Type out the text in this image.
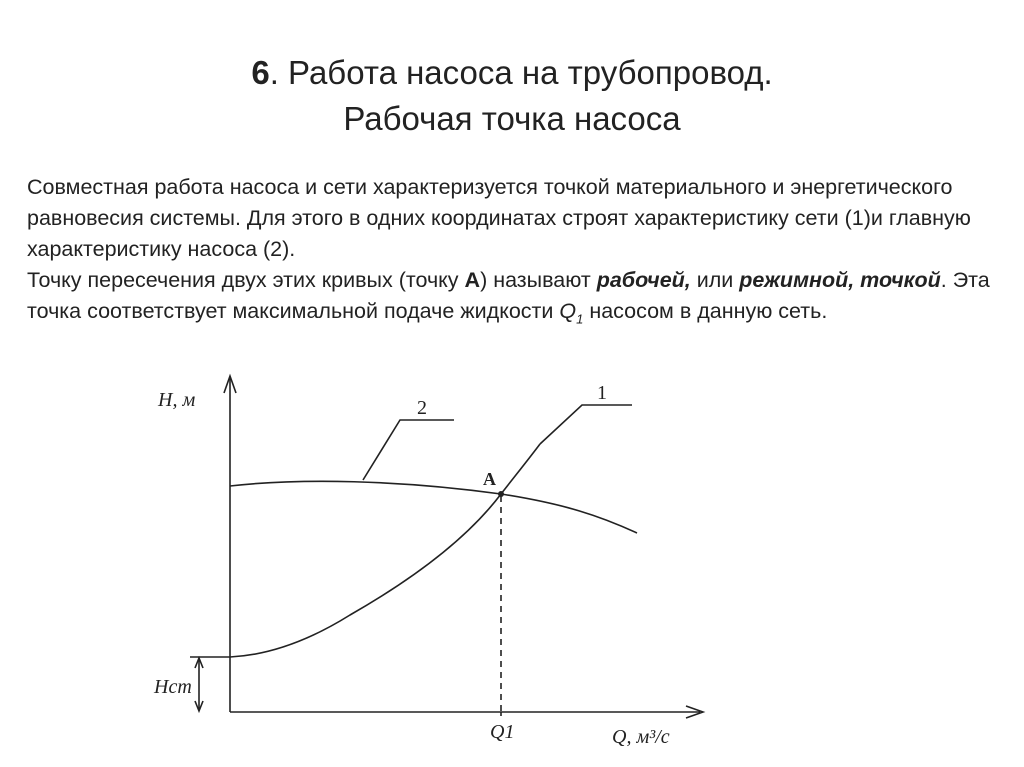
6. Работа насоса на трубопровод.
Рабочая точка насоса

Совместная работа насоса и сети характеризуется точкой материального и энергетического равновесия системы. Для этого в одних координатах строят характеристику сети (1)и главную характеристику насоса (2).

Точку пересечения двух этих кривых (точку А) называют рабочей, или режимной, точкой. Эта точка соответствует максимальной подаче жидкости $Q_1$ насосом в данную сеть.

H, м
Q, м³/с
2
1
A
Hст
Q1
